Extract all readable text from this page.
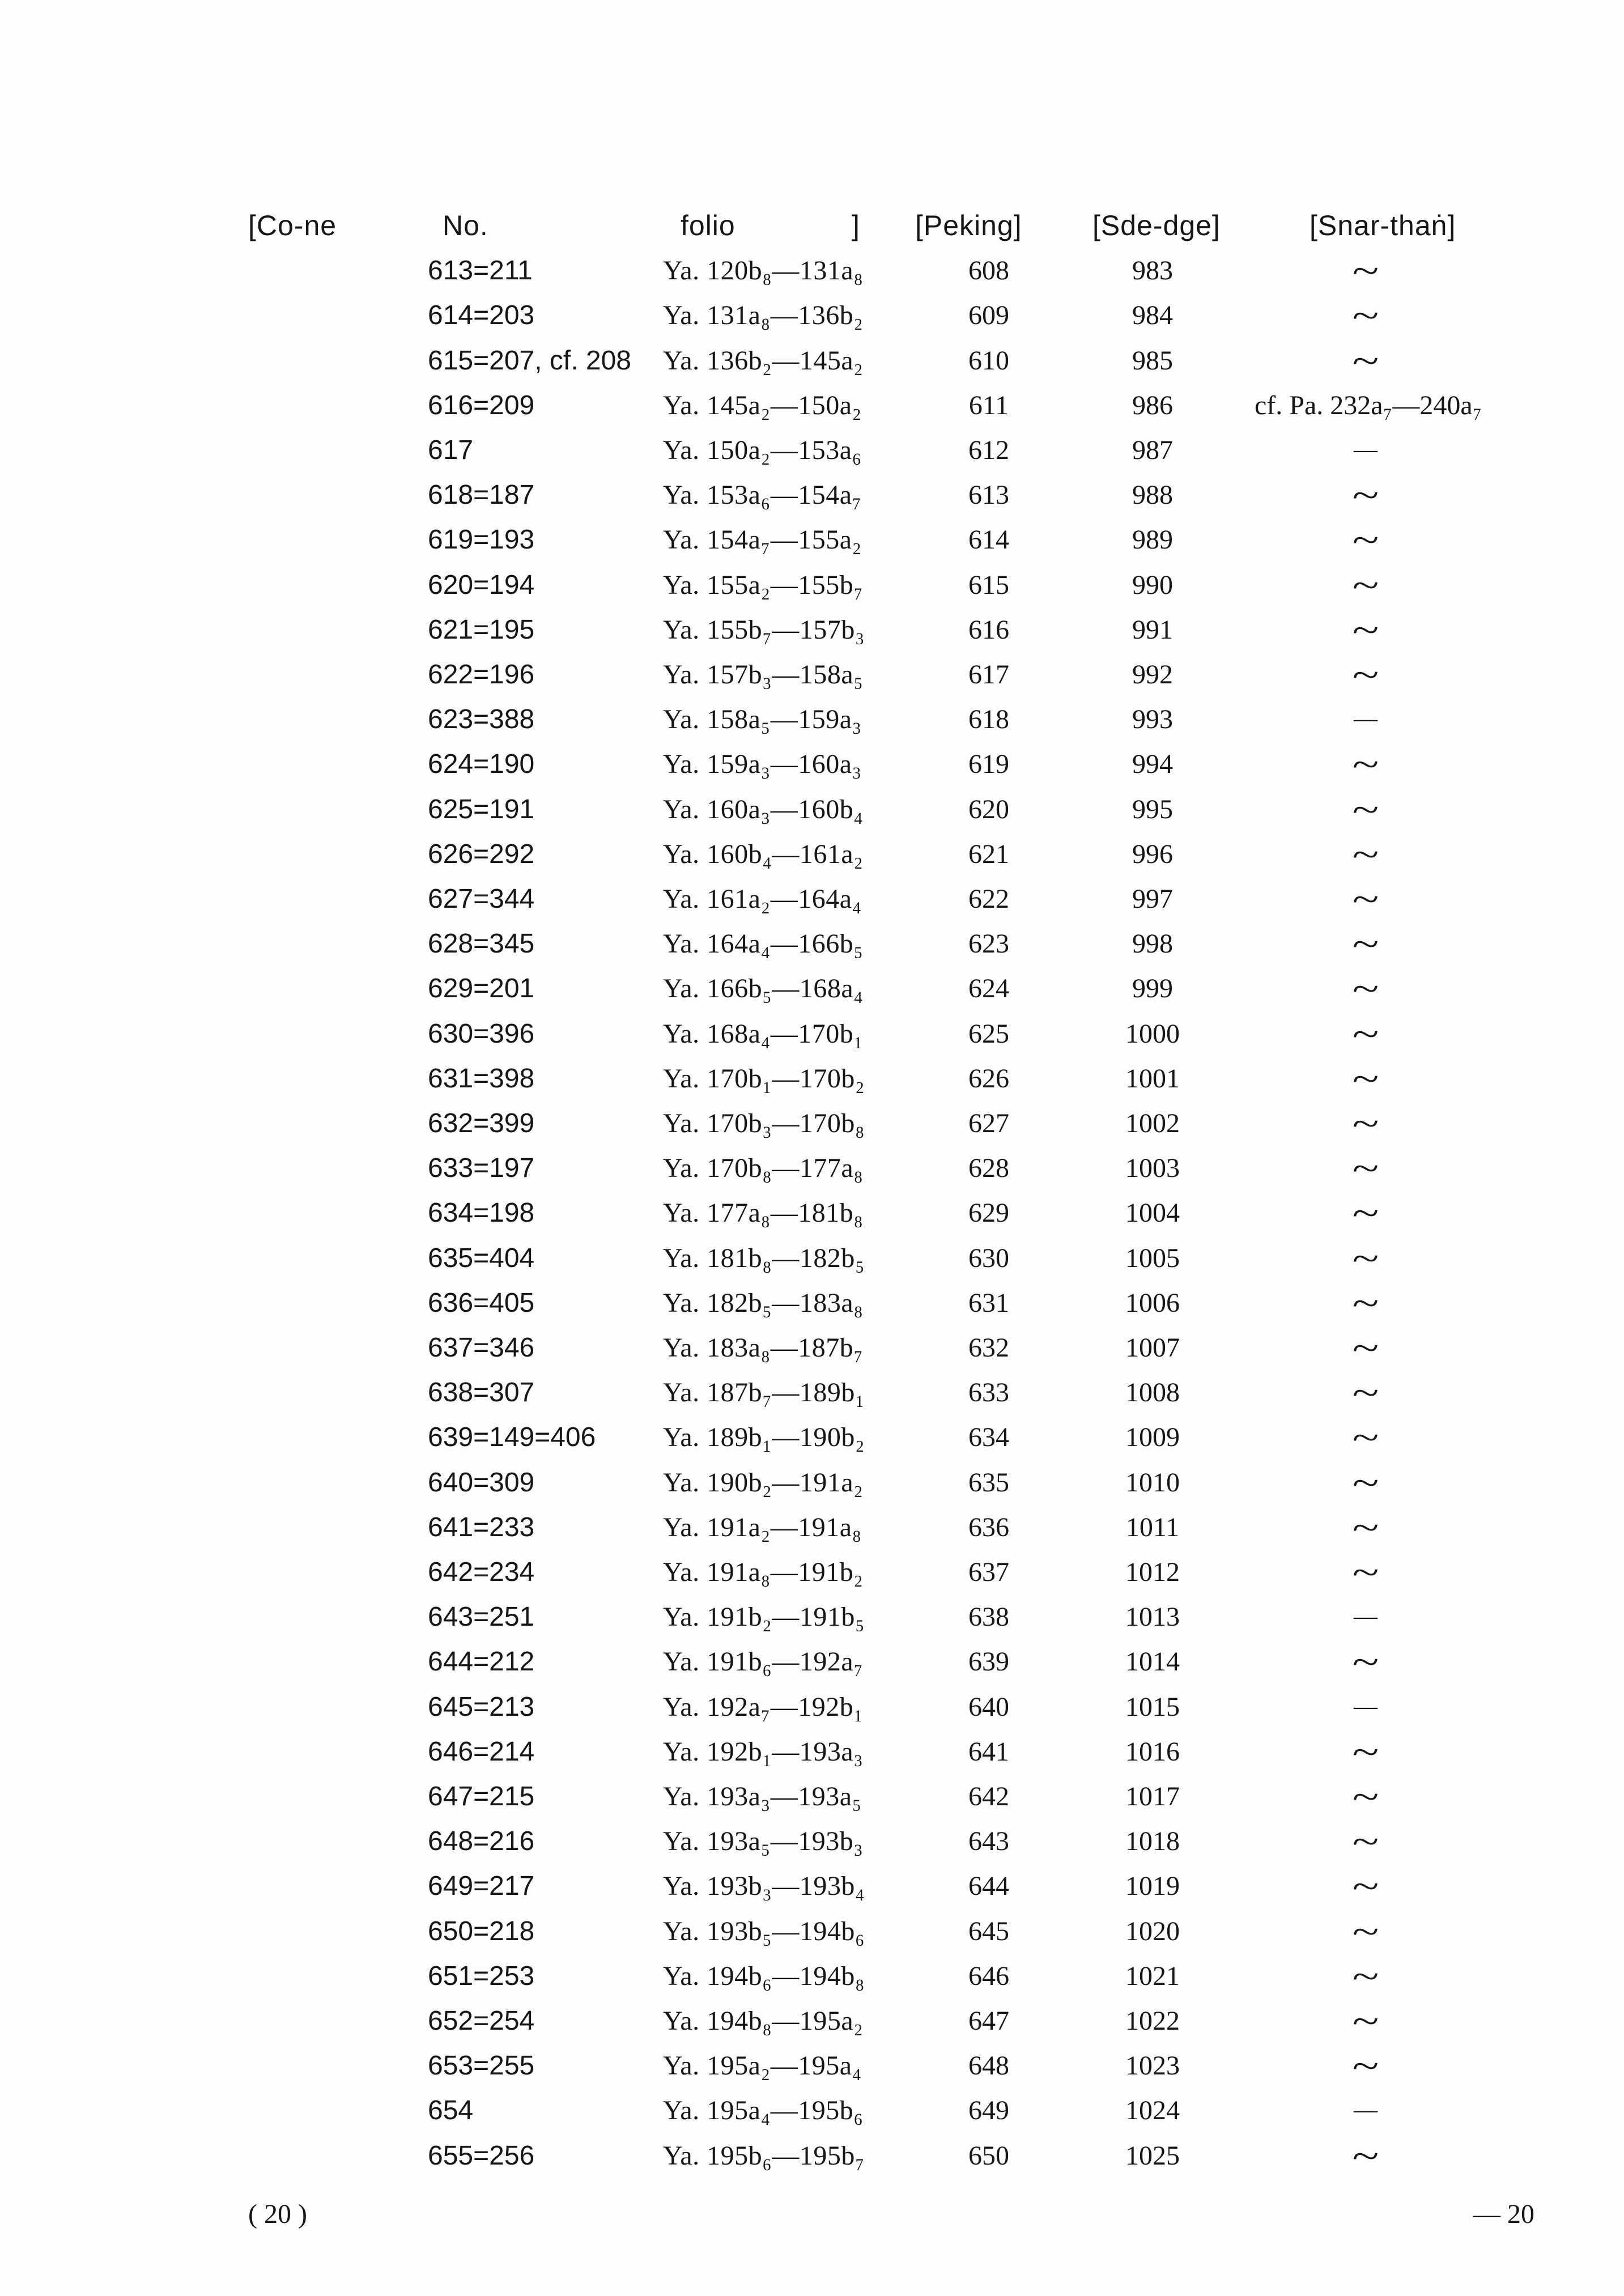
[Co-ne	No.	folio	] [Peking] [Sde-dge]	[Snar-thaṅ]
613=211	Ya. 120b₈—131a₈	608	983	~
614=203	Ya. 131a₈—136b₂	609	984	~
615=207, cf. 208 Ya. 136b₂—145a₂	610	985	~
616=209	Ya. 145a₂—150a₂	611	986	cf. Pa. 232a₇—240a₇
617	Ya. 150a₂—153a₆	612	987	—
618=187	Ya. 153a₆—154a₇	613	988	~
619=193	Ya. 154a₇—155a₂	614	989	~
620=194	Ya. 155a₂—155b₇	615	990	~
621=195	Ya. 155b₇—157b₃	616	991	~
622=196	Ya. 157b₃—158a₅	617	992	~
623=388	Ya. 158a₅—159a₃	618	993	—
624=190	Ya. 159a₃—160a₃	619	994	~
625=191	Ya. 160a₃—160b₄	620	995	~
626=292	Ya. 160b₄—161a₂	621	996	~
627=344	Ya. 161a₂—164a₄	622	997	~
628=345	Ya. 164a₄—166b₅	623	998	~
629=201	Ya. 166b₅—168a₄	624	999	~
630=396	Ya. 168a₄—170b₁	625	1000	~
631=398	Ya. 170b₁—170b₂	626	1001	~
632=399	Ya. 170b₃—170b₈	627	1002	~
633=197	Ya. 170b₈—177a₈	628	1003	~
634=198	Ya. 177a₈—181b₈	629	1004	~
635=404	Ya. 181b₈—182b₅	630	1005	~
636=405	Ya. 182b₅—183a₈	631	1006	~
637=346	Ya. 183a₈—187b₇	632	1007	~
638=307	Ya. 187b₇—189b₁	633	1008	~
639=149=406 Ya. 189b₁—190b₂	634	1009	~
640=309	Ya. 190b₂—191a₂	635	1010	~
641=233	Ya. 191a₂—191a₈	636	1011	~
642=234	Ya. 191a₈—191b₂	637	1012	~
643=251	Ya. 191b₂—191b₅	638	1013	—
644=212	Ya. 191b₆—192a₇	639	1014	~
645=213	Ya. 192a₇—192b₁	640	1015	—
646=214	Ya. 192b₁—193a₃	641	1016	~
647=215	Ya. 193a₃—193a₅	642	1017	~
648=216	Ya. 193a₅—193b₃	643	1018	~
649=217	Ya. 193b₃—193b₄	644	1019	~
650=218	Ya. 193b₅—194b₆	645	1020	~
651=253	Ya. 194b₆—194b₈	646	1021	~
652=254	Ya. 194b₈—195a₂	647	1022	~
653=255	Ya. 195a₂—195a₄	648	1023	~
654	Ya. 195a₄—195b₆	649	1024	—
655=256	Ya. 195b₆—195b₇	650	1025	~
( 20 )	— 20
